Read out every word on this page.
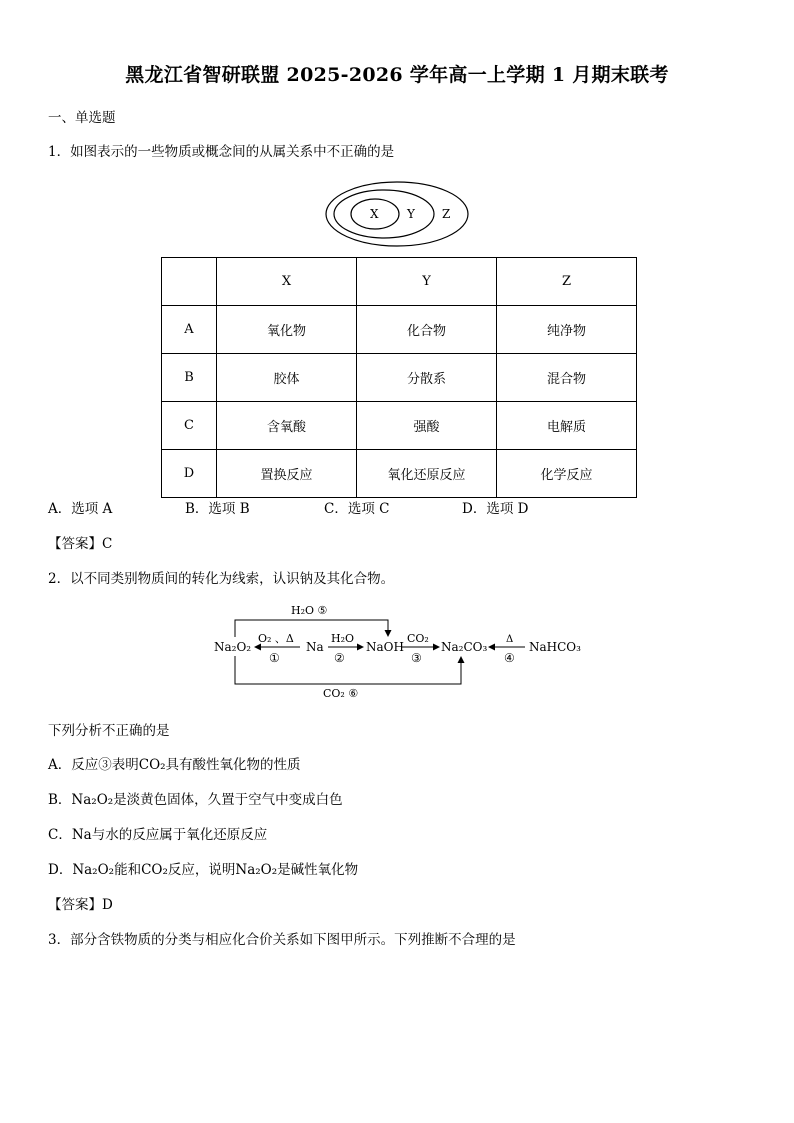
黑龙江省智研联盟 2025-2026 学年高一上学期 1 月期末联考
一、单选题
1．如图表示的一些物质或概念间的从属关系中不正确的是
X Y Z
	X	Y	Z
A	氧化物	化合物	纯净物
B	胶体	分散系	混合物
C	含氧酸	强酸	电解质
D	置换反应	氧化还原反应	化学反应
A．选项 A	B．选项 B	C．选项 C	D．选项 D
【答案】C
2．以不同类别物质间的转化为线索，认识钠及其化合物。
Na₂O₂	Na	NaOH	Na₂CO₃	NaHCO₃
O₂ 、Δ
①
H₂O
②
CO₂
③
Δ
④
H₂O ⑤
CO₂ ⑥
下列分析不正确的是
A．反应③表明CO₂具有酸性氧化物的性质
B．Na₂O₂是淡黄色固体，久置于空气中变成白色
C．Na与水的反应属于氧化还原反应
D．Na₂O₂能和CO₂反应，说明Na₂O₂是碱性氧化物
【答案】D
3．部分含铁物质的分类与相应化合价关系如下图甲所示。下列推断不合理的是
